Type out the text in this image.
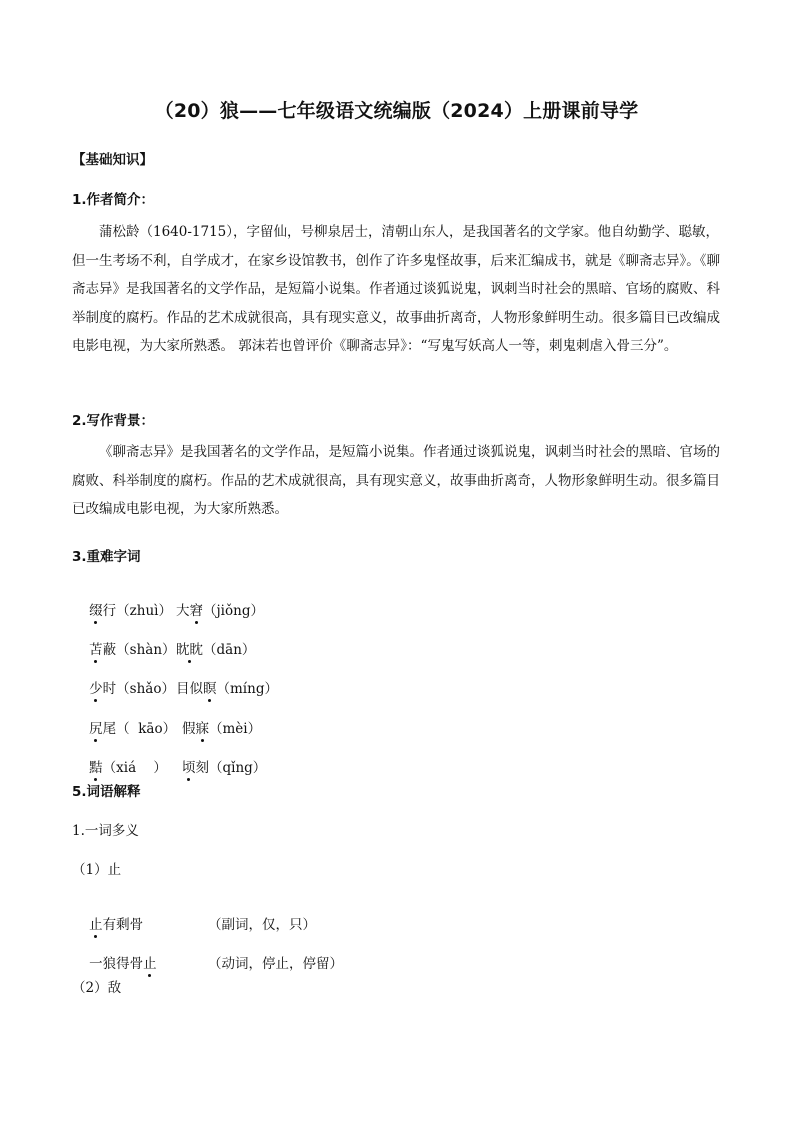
（20）狼——七年级语文统编版（2024）上册课前导学
【基础知识】
1.作者简介：

蒲松龄（1640-1715），字留仙，号柳泉居士，清朝山东人，是我国著名的文学家。他自幼勤学、聪敏，但一生考场不利，自学成才，在家乡设馆教书，创作了许多鬼怪故事，后来汇编成书，就是《聊斋志异》。《聊斋志异》是我国著名的文学作品，是短篇小说集。作者通过谈狐说鬼，讽刺当时社会的黑暗、官场的腐败、科举制度的腐朽。作品的艺术成就很高，具有现实意义，故事曲折离奇，人物形象鲜明生动。很多篇目已改编成电影电视，为大家所熟悉。 郭沫若也曾评价《聊斋志异》：“写鬼写妖高人一等，刺鬼刺虐入骨三分”。

2.写作背景：

《聊斋志异》是我国著名的文学作品，是短篇小说集。作者通过谈狐说鬼，讽刺当时社会的黑暗、官场的腐败、科举制度的腐朽。作品的艺术成就很高，具有现实意义，故事曲折离奇，人物形象鲜明生动。很多篇目已改编成电影电视，为大家所熟悉。

3.重难字词

缀行（zhuì） 大窘（jiǒng）

苫蔽（shàn） 眈眈（dān）

少时（shǎo） 目似瞑（míng）

尻尾（  kāo） 假寐（mèi）

黠（xiá    ） 顷刻（qǐng）

5.词语解释
1.一词多义
（1）止

止有剩骨	（副词，仅，只）

一狼得骨止	（动词，停止，停留）

（2）敌
